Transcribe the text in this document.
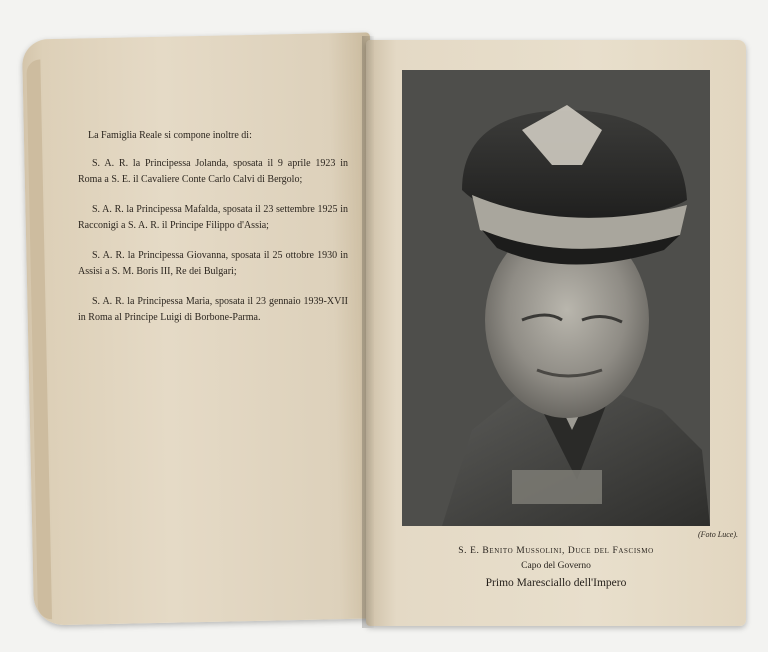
La Famiglia Reale si compone inoltre di:

S. A. R. la Principessa Jolanda, sposata il 9 aprile 1923 in Roma a S. E. il Cavaliere Conte Carlo Calvi di Bergolo;

S. A. R. la Principessa Mafalda, sposata il 23 settembre 1925 in Racconigi a S. A. R. il Principe Filippo d'Assia;

S. A. R. la Principessa Giovanna, sposata il 25 ottobre 1930 in Assisi a S. M. Boris III, Re dei Bulgari;

S. A. R. la Principessa Maria, sposata il 23 gennaio 1939-XVII in Roma al Principe Luigi di Borbone-Parma.

(Foto Luce).
S. E. Benito Mussolini, Duce del Fascismo
Capo del Governo
Primo Maresciallo dell'Impero
